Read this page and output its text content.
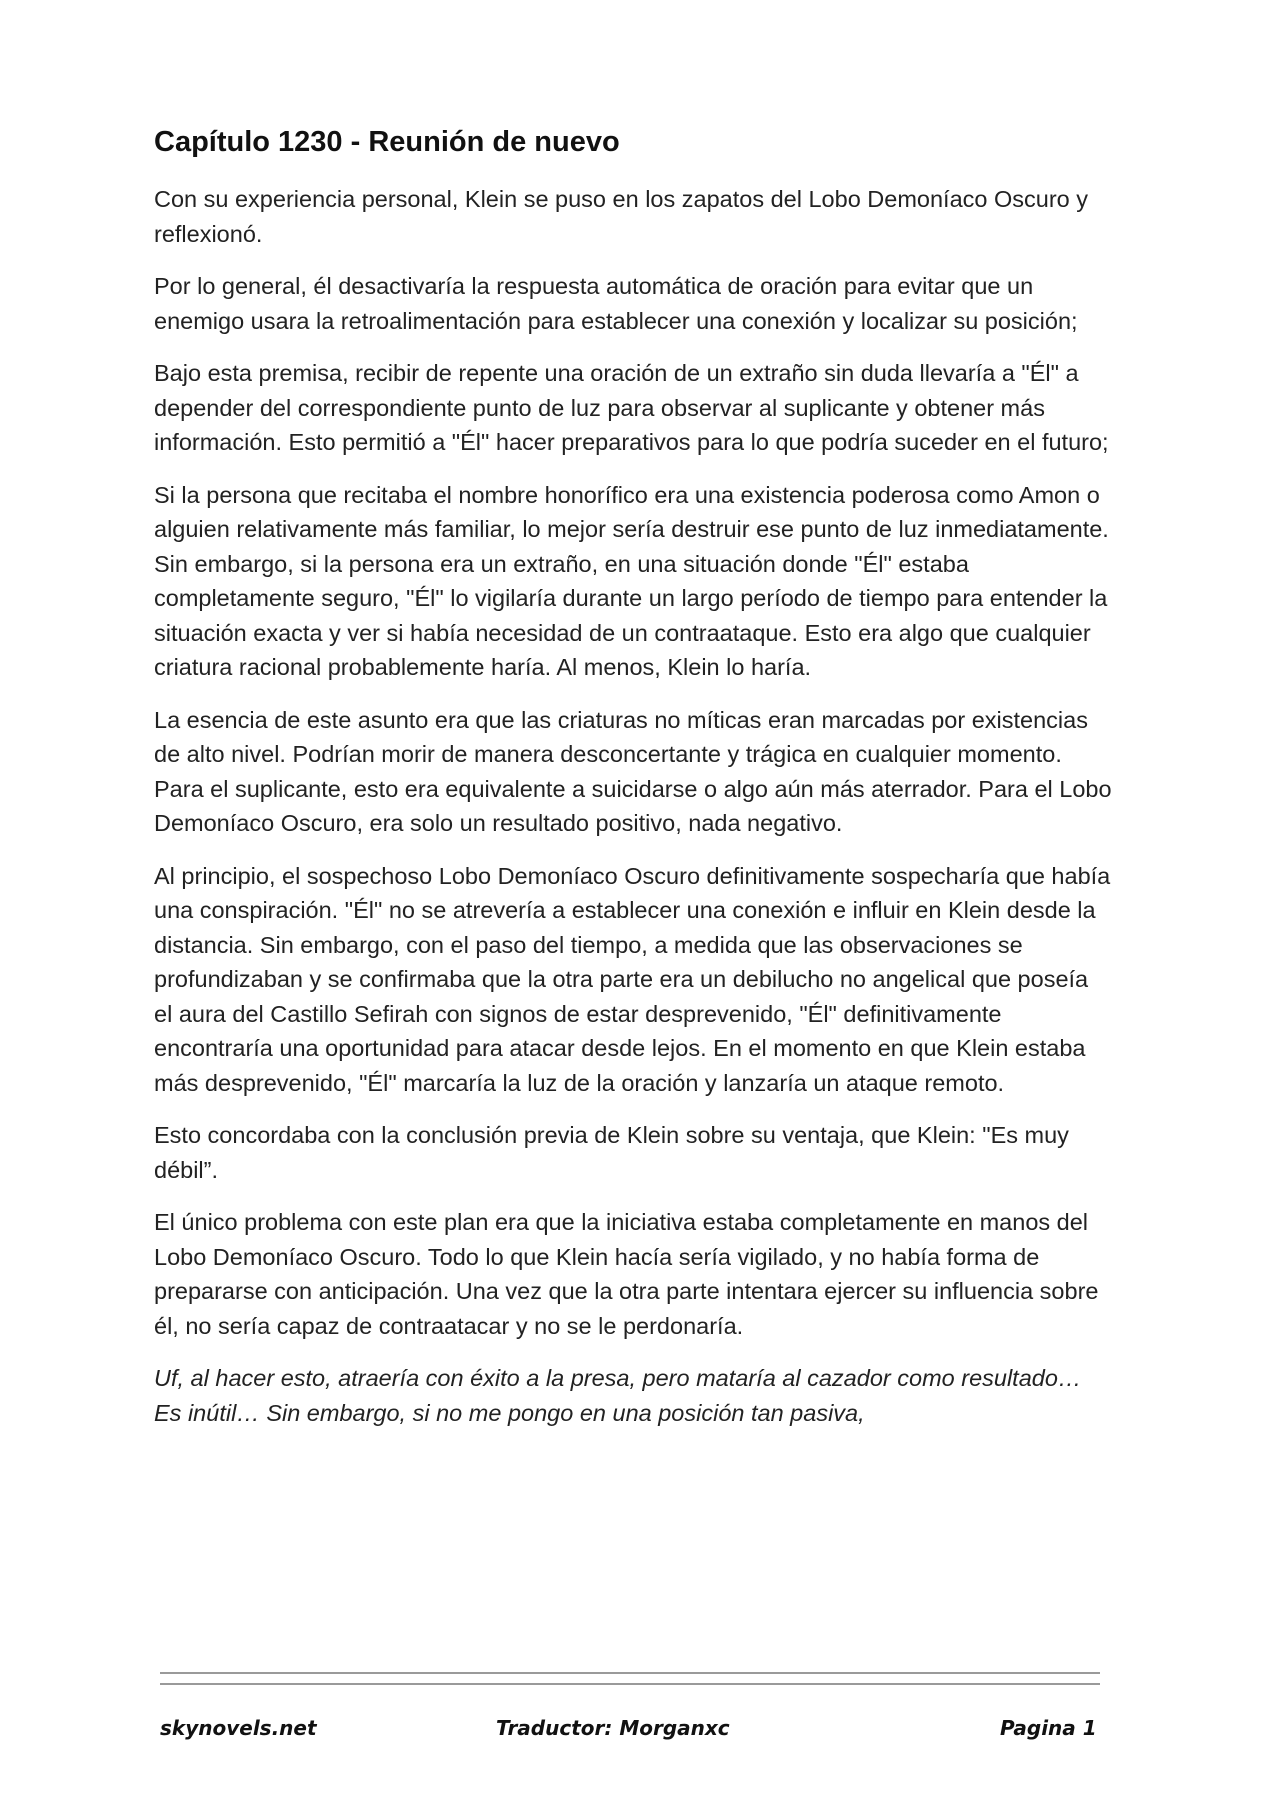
Capítulo 1230 - Reunión de nuevo

Con su experiencia personal, Klein se puso en los zapatos del Lobo Demoníaco Oscuro y reflexionó.

Por lo general, él desactivaría la respuesta automática de oración para evitar que un enemigo usara la retroalimentación para establecer una conexión y localizar su posición;

Bajo esta premisa, recibir de repente una oración de un extraño sin duda llevaría a "Él" a depender del correspondiente punto de luz para observar al suplicante y obtener más información. Esto permitió a "Él" hacer preparativos para lo que podría suceder en el futuro;

Si la persona que recitaba el nombre honorífico era una existencia poderosa como Amon o alguien relativamente más familiar, lo mejor sería destruir ese punto de luz inmediatamente. Sin embargo, si la persona era un extraño, en una situación donde "Él" estaba completamente seguro, "Él" lo vigilaría durante un largo período de tiempo para entender la situación exacta y ver si había necesidad de un contraataque. Esto era algo que cualquier criatura racional probablemente haría. Al menos, Klein lo haría.

La esencia de este asunto era que las criaturas no míticas eran marcadas por existencias de alto nivel. Podrían morir de manera desconcertante y trágica en cualquier momento. Para el suplicante, esto era equivalente a suicidarse o algo aún más aterrador. Para el Lobo Demoníaco Oscuro, era solo un resultado positivo, nada negativo.

Al principio, el sospechoso Lobo Demoníaco Oscuro definitivamente sospecharía que había una conspiración. "Él" no se atrevería a establecer una conexión e influir en Klein desde la distancia. Sin embargo, con el paso del tiempo, a medida que las observaciones se profundizaban y se confirmaba que la otra parte era un debilucho no angelical que poseía el aura del Castillo Sefirah con signos de estar desprevenido, "Él" definitivamente encontraría una oportunidad para atacar desde lejos. En el momento en que Klein estaba más desprevenido, "Él" marcaría la luz de la oración y lanzaría un ataque remoto.

Esto concordaba con la conclusión previa de Klein sobre su ventaja, que Klein: "Es muy débil”.

El único problema con este plan era que la iniciativa estaba completamente en manos del Lobo Demoníaco Oscuro. Todo lo que Klein hacía sería vigilado, y no había forma de prepararse con anticipación. Una vez que la otra parte intentara ejercer su influencia sobre él, no sería capaz de contraatacar y no se le perdonaría.

Uf, al hacer esto, atraería con éxito a la presa, pero mataría al cazador como resultado… Es inútil… Sin embargo, si no me pongo en una posición tan pasiva,

skynovels.net	Traductor: Morganxc	Pagina 1
